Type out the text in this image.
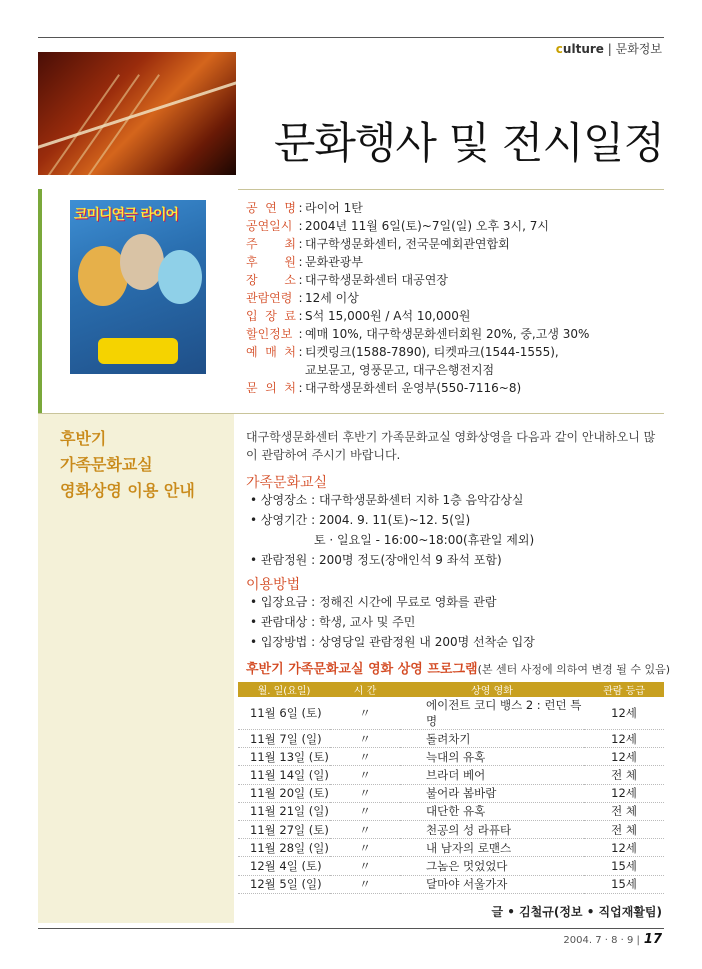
culture | 문화정보
문화행사 및 전시일정
코미디연극 라이어	공 연 명 : 라이어 1탄
공연일시 : 2004년 11월 6일(토)~7일(일) 오후 3시, 7시
주 최 : 대구학생문화센터, 전국문예회관연합회
후 원 : 문화관광부
장 소 : 대구학생문화센터 대공연장
관람연령 : 12세 이상
입 장 료 : S석 15,000원 / A석 10,000원
할인정보 : 예매 10%, 대구학생문화센터회원 20%, 중,고생 30%
예 매 처 : 티켓링크(1588-7890), 티켓파크(1544-1555),
교보문고, 영풍문고, 대구은행전지점
문 의 처 : 대구학생문화센터 운영부(550-7116~8)
후반기
가족문화교실
영화상영 이용 안내
대구학생문화센터 후반기 가족문화교실 영화상영을 다음과 같이 안내하오니 많이 관람하여 주시기 바랍니다.
가족문화교실
• 상영장소 : 대구학생문화센터 지하 1층 음악감상실
• 상영기간 : 2004. 9. 11(토)~12. 5(일)
토 · 일요일 - 16:00~18:00(휴관일 제외)
• 관람정원 : 200명 정도(장애인석 9 좌석 포함)
이용방법
• 입장요금 : 정해진 시간에 무료로 영화를 관람
• 관람대상 : 학생, 교사 및 주민
• 입장방법 : 상영당일 관람정원 내 200명 선착순 입장
후반기 가족문화교실 영화 상영 프로그램(본 센터 사정에 의하여 변경 될 수 있음)
월. 일(요일)	시 간	상영 영화	관람 등급
11월 6일 (토)	〃	에이전트 코디 뱅스 2 : 런던 특명	12세
11월 7일 (일)	〃	돌려차기	12세
11월 13일 (토)	〃	늑대의 유혹	12세
11월 14일 (일)	〃	브라더 베어	전 체
11월 20일 (토)	〃	불어라 봄바람	12세
11월 21일 (일)	〃	대단한 유혹	전 체
11월 27일 (토)	〃	천공의 성 라퓨타	전 체
11월 28일 (일)	〃	내 남자의 로맨스	12세
12월 4일 (토)	〃	그놈은 멋었었다	15세
12월 5일 (일)	〃	달마야 서울가자	15세
글 • 김철규(정보 • 직업재활팀)
2004. 7 · 8 · 9 | 17
